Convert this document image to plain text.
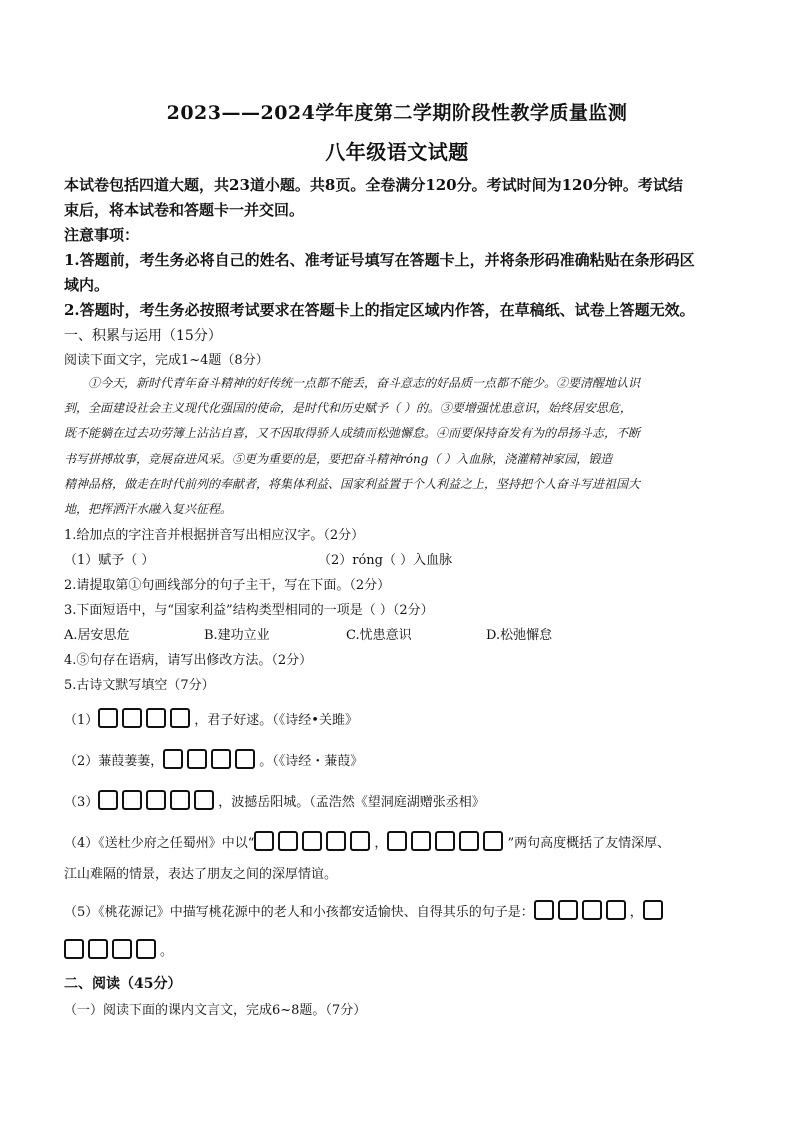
2023——2024学年度第二学期阶段性教学质量监测
八年级语文试题
本试卷包括四道大题，共23道小题。共8页。全卷满分120分。考试时间为120分钟。考试结
束后，将本试卷和答题卡一并交回。
注意事项：
1.答题前，考生务必将自己的姓名、准考证号填写在答题卡上，并将条形码准确粘贴在条形码区
域内。
2.答题时，考生务必按照考试要求在答题卡上的指定区域内作答，在草稿纸、试卷上答题无效。
一、积累与运用（15分）
阅读下面文字，完成1~4题（8分）
①今天，新时代青年奋斗精神的好传统一点都不能丢，奋斗意志的好品质一点都不能少。②要清醒地认识
到，全面建设社会主义现代化强国的使命，是时代和历史赋予（ ）的。③要增强忧患意识，始终居安思危，
既不能躺在过去功劳簿上沾沾自喜，又不因取得骄人成绩而松弛懈怠。④而要保持奋发有为的昂扬斗志，不断
书写拼搏故事，竞展奋进风采。⑤更为重要的是，要把奋斗精神róng（ ）入血脉，浇灌精神家园，锻造
精神品格，做走在时代前列的奉献者，将集体利益、国家利益置于个人利益之上，坚持把个人奋斗写进祖国大
地，把挥洒汗水融入复兴征程。
1.给加点的字注音并根据拼音写出相应汉字。（2分）
（1）赋予（ ）	（2）róng（ ）入血脉
2.请提取第①句画线部分的句子主干，写在下面。（2分）
3.下面短语中，与“国家利益”结构类型相同的一项是（ ）（2分）
A.居安思危	B.建功立业	C.忧患意识	D.松弛懈怠
4.⑤句存在语病，请写出修改方法。（2分）
5.古诗文默写填空（7分）
（1）	，君子好逑。（《诗经•关雎》
（2）蒹葭萋萋，	。（《诗经・蒹葭》
（3）	，波撼岳阳城。（孟浩然《望洞庭湖赠张丞相》
（4）《送杜少府之任蜀州》中以“	，	”两句高度概括了友情深厚、
江山难隔的情景，表达了朋友之间的深厚情谊。
（5）《桃花源记》中描写桃花源中的老人和小孩都安适愉快、自得其乐的句子是：	，
。
二、阅读（45分）
（一）阅读下面的课内文言文，完成6~8题。（7分）
